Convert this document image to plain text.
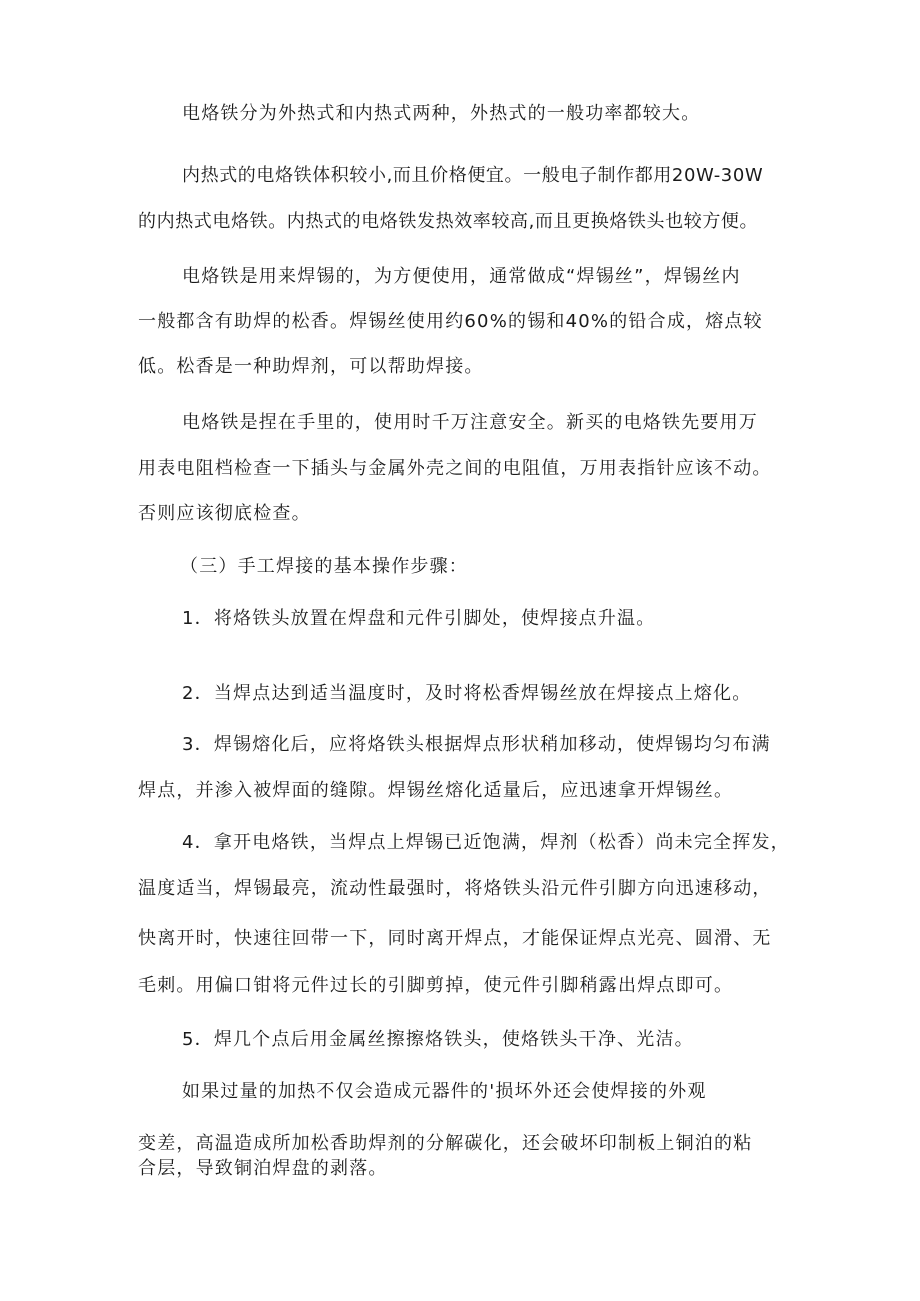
电烙铁分为外热式和内热式两种，外热式的一般功率都较大。
内热式的电烙铁体积较小,而且价格便宜。一般电子制作都用20W-30W
的内热式电烙铁。内热式的电烙铁发热效率较高,而且更换烙铁头也较方便。
电烙铁是用来焊锡的，为方便使用，通常做成“焊锡丝”，焊锡丝内
一般都含有助焊的松香。焊锡丝使用约60%的锡和40%的铅合成，熔点较
低。松香是一种助焊剂，可以帮助焊接。
电烙铁是捏在手里的，使用时千万注意安全。新买的电烙铁先要用万
用表电阻档检查一下插头与金属外壳之间的电阻值，万用表指针应该不动。
否则应该彻底检查。
（三）手工焊接的基本操作步骤：
1．将烙铁头放置在焊盘和元件引脚处，使焊接点升温。
2．当焊点达到适当温度时，及时将松香焊锡丝放在焊接点上熔化。
3．焊锡熔化后，应将烙铁头根据焊点形状稍加移动，使焊锡均匀布满
焊点，并渗入被焊面的缝隙。焊锡丝熔化适量后，应迅速拿开焊锡丝。
4．拿开电烙铁，当焊点上焊锡已近饱满，焊剂（松香）尚未完全挥发，
温度适当，焊锡最亮，流动性最强时，将烙铁头沿元件引脚方向迅速移动，
快离开时，快速往回带一下，同时离开焊点，才能保证焊点光亮、圆滑、无
毛刺。用偏口钳将元件过长的引脚剪掉，使元件引脚稍露出焊点即可。
5．焊几个点后用金属丝擦擦烙铁头，使烙铁头干净、光洁。
如果过量的加热不仅会造成元器件的'损坏外还会使焊接的外观
变差，高温造成所加松香助焊剂的分解碳化，还会破坏印制板上铜泊的粘
合层，导致铜泊焊盘的剥落。
